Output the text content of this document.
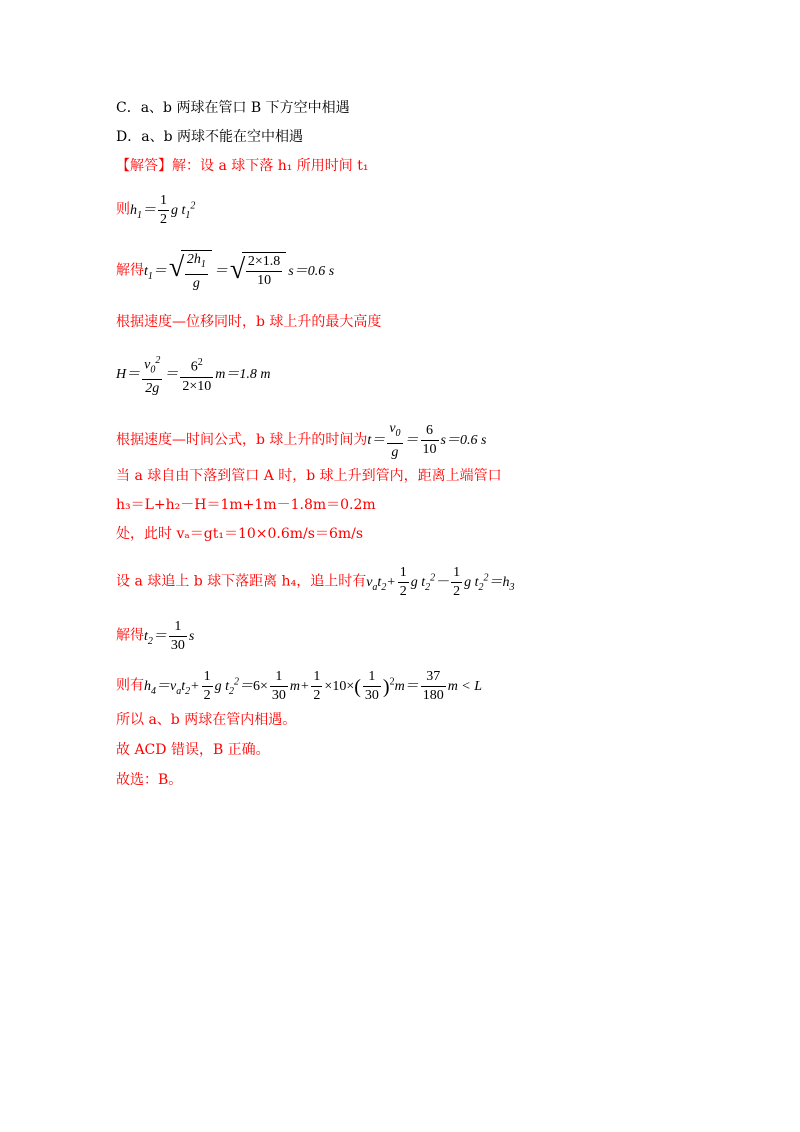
C．a、b 两球在管口 B 下方空中相遇
D．a、b 两球不能在空中相遇
【解答】解：设 a 球下落 h₁ 所用时间 t₁
则$h_1= \frac{1}{2}$ g $t_1^2$
解得$t_1=$ √ $\frac{2h_1}{g}$ ＝ √ $\frac{2\times 1.8}{10} s=0.6$ s
根据速度—位移同时，b 球上升的最大高度
$H= \frac{v_0^2}{2g} = \frac{6^2}{2\times 10} m=1.8$ m
根据速度—时间公式，b 球上升的时间为$t= \frac{v_0}{g} = \frac{6}{10} s=0.6$ s
当 a 球自由下落到管口 A 时，b 球上升到管内，距离上端管口
h₃＝L+h₂－H＝1m+1m－1.8m＝0.2m
处，此时 vₐ＝gt₁＝10×0.6m/s＝6m/s
设 a 球追上 b 球下落距离 h₄，追上时有$v_at_2+ \frac{1}{2}$ g $t_2^2- \frac{1}{2}$ g $t_2^2=h_3$
解得$t_2= \frac{1}{30}$ s
则有$h_4=v_at_2+ \frac{1}{2}$ g $t_2^2=6\times \frac{1}{30} m+ \frac{1}{2} \times 10\times( \frac{1}{30} )^2m= \frac{37}{180}$ m < L
所以 a、b 两球在管内相遇。
故 ACD 错误，B 正确。
故选：B。
